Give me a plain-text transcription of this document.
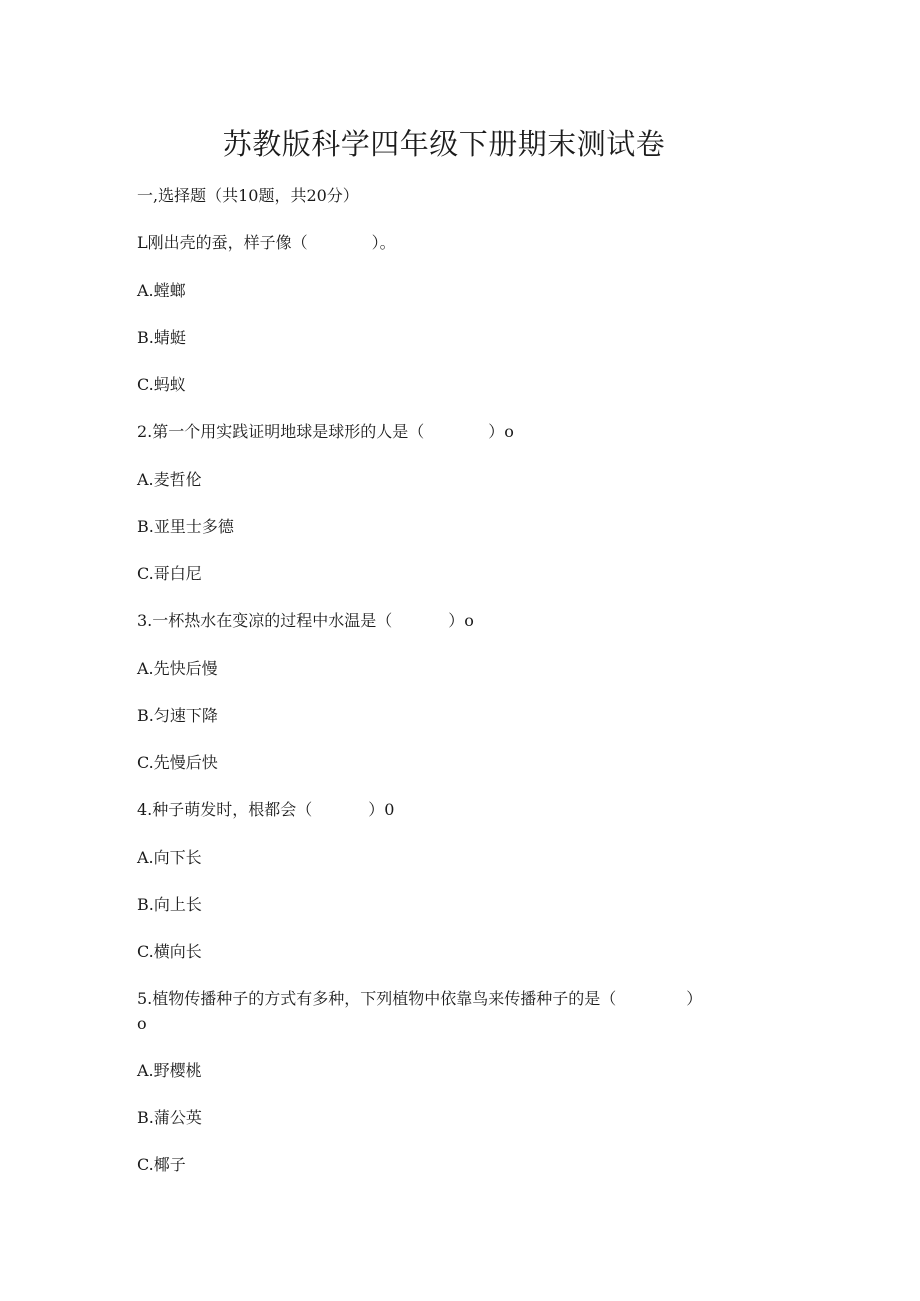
苏教版科学四年级下册期末测试卷
一,选择题（共10题，共20分）
L刚出壳的蚕，样子像（	）。
A.螳螂
B.蜻蜓
C.蚂蚁
2.第一个用实践证明地球是球形的人是（	）o
A.麦哲伦
B.亚里士多德
C.哥白尼
3.一杯热水在变凉的过程中水温是（	）o
A.先快后慢
B.匀速下降
C.先慢后快
4.种子萌发时，根都会（	）0
A.向下长
B.向上长
C.横向长
5.植物传播种子的方式有多种，下列植物中依靠鸟来传播种子的是（	）
o
A.野樱桃
B.蒲公英
C.椰子
